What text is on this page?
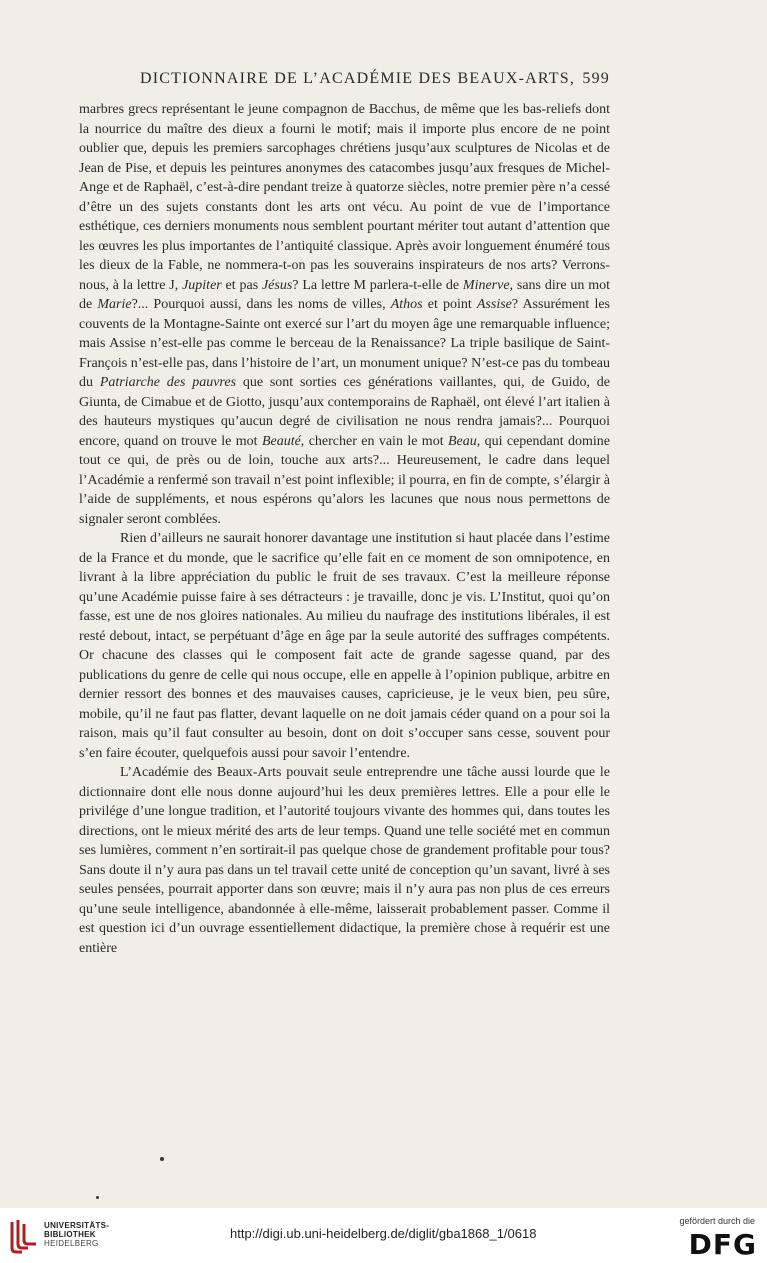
DICTIONNAIRE DE L’ACADÉMIE DES BEAUX-ARTS, 599

marbres grecs représentant le jeune compagnon de Bacchus, de même que les bas-reliefs dont la nourrice du maître des dieux a fourni le motif; mais il importe plus encore de ne point oublier que, depuis les premiers sarcophages chrétiens jusqu’aux sculptures de Nicolas et de Jean de Pise, et depuis les peintures anonymes des catacombes jusqu’aux fresques de Michel-Ange et de Raphaël, c’est-à-dire pendant treize à quatorze siècles, notre premier père n’a cessé d’être un des sujets constants dont les arts ont vécu. Au point de vue de l’importance esthétique, ces derniers monuments nous semblent pourtant mériter tout autant d’attention que les œuvres les plus importantes de l’antiquité classique. Après avoir longuement énuméré tous les dieux de la Fable, ne nommera-t-on pas les souverains inspirateurs de nos arts? Verrons-nous, à la lettre J, Jupiter et pas Jésus? La lettre M parlera-t-elle de Minerve, sans dire un mot de Marie?... Pourquoi aussi, dans les noms de villes, Athos et point Assise? Assurément les couvents de la Montagne-Sainte ont exercé sur l’art du moyen âge une remarquable influence; mais Assise n’est-elle pas comme le berceau de la Renaissance? La triple basilique de Saint-François n’est-elle pas, dans l’histoire de l’art, un monument unique? N’est-ce pas du tombeau du Patriarche des pauvres que sont sorties ces générations vaillantes, qui, de Guido, de Giunta, de Cimabue et de Giotto, jusqu’aux contemporains de Raphaël, ont élevé l’art italien à des hauteurs mystiques qu’aucun degré de civilisation ne nous rendra jamais?... Pourquoi encore, quand on trouve le mot Beauté, chercher en vain le mot Beau, qui cependant domine tout ce qui, de près ou de loin, touche aux arts?... Heureusement, le cadre dans lequel l’Académie a renfermé son travail n’est point inflexible; il pourra, en fin de compte, s’élargir à l’aide de suppléments, et nous espérons qu’alors les lacunes que nous nous permettons de signaler seront comblées.

Rien d’ailleurs ne saurait honorer davantage une institution si haut placée dans l’estime de la France et du monde, que le sacrifice qu’elle fait en ce moment de son omnipotence, en livrant à la libre appréciation du public le fruit de ses travaux. C’est la meilleure réponse qu’une Académie puisse faire à ses détracteurs : je travaille, donc je vis. L’Institut, quoi qu’on fasse, est une de nos gloires nationales. Au milieu du naufrage des institutions libérales, il est resté debout, intact, se perpétuant d’âge en âge par la seule autorité des suffrages compétents. Or chacune des classes qui le composent fait acte de grande sagesse quand, par des publications du genre de celle qui nous occupe, elle en appelle à l’opinion publique, arbitre en dernier ressort des bonnes et des mauvaises causes, capricieuse, je le veux bien, peu sûre, mobile, qu’il ne faut pas flatter, devant laquelle on ne doit jamais céder quand on a pour soi la raison, mais qu’il faut consulter au besoin, dont on doit s’occuper sans cesse, souvent pour s’en faire écouter, quelquefois aussi pour savoir l’entendre.

L’Académie des Beaux-Arts pouvait seule entreprendre une tâche aussi lourde que le dictionnaire dont elle nous donne aujourd’hui les deux premières lettres. Elle a pour elle le privilége d’une longue tradition, et l’autorité toujours vivante des hommes qui, dans toutes les directions, ont le mieux mérité des arts de leur temps. Quand une telle société met en commun ses lumières, comment n’en sortirait-il pas quelque chose de grandement profitable pour tous? Sans doute il n’y aura pas dans un tel travail cette unité de conception qu’un savant, livré à ses seules pensées, pourrait apporter dans son œuvre; mais il n’y aura pas non plus de ces erreurs qu’une seule intelligence, abandonnée à elle-même, laisserait probablement passer. Comme il est question ici d’un ouvrage essentiellement didactique, la première chose à requérir est une entière

UNIVERSITÄTS-
BIBLIOTHEK
HEIDELBERG
http://digi.ub.uni-heidelberg.de/diglit/gba1868_1/0618
gefördert durch die
DFG
